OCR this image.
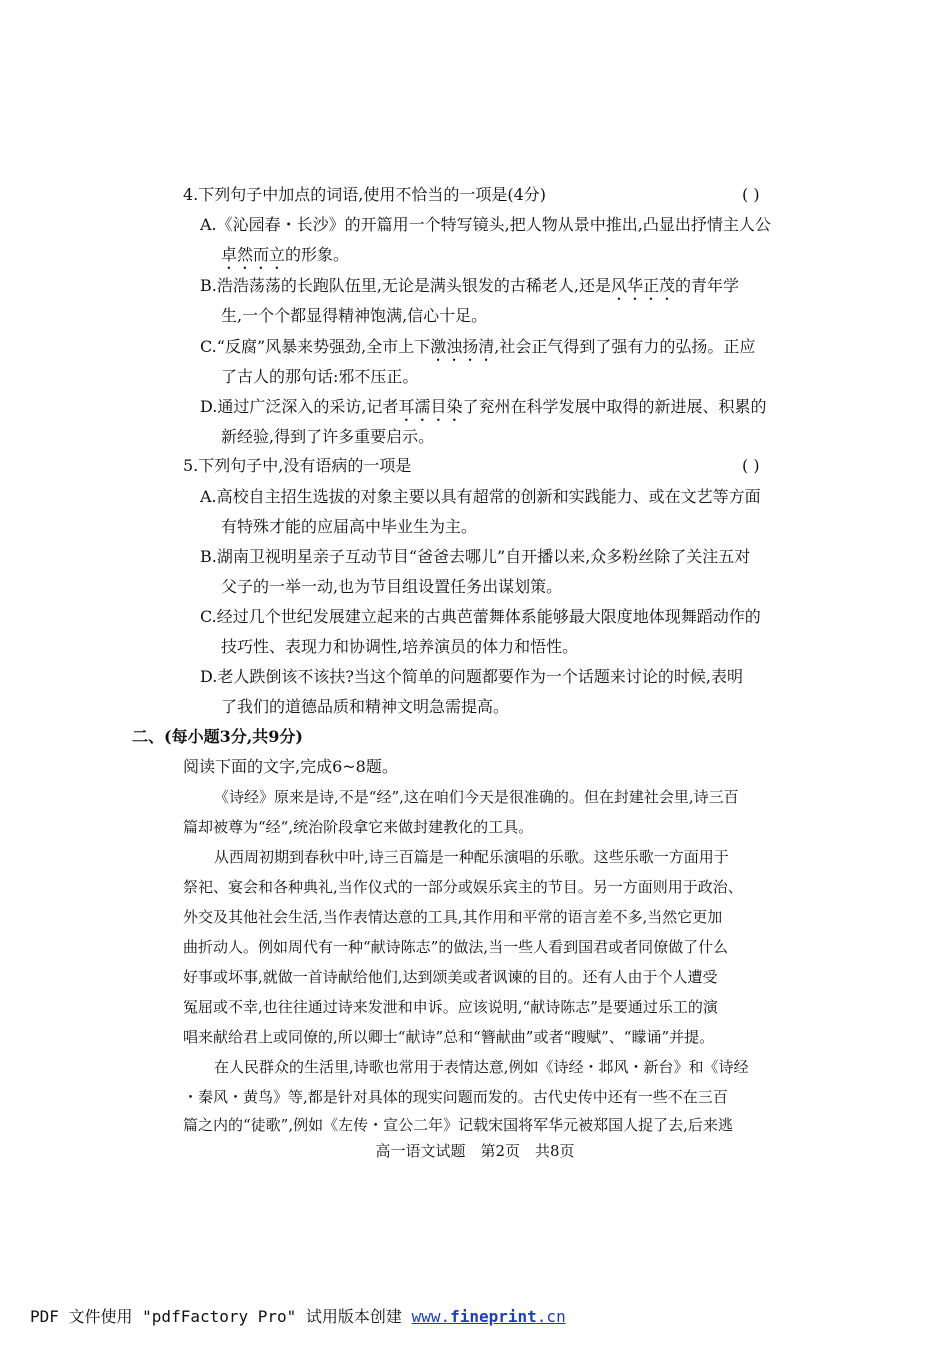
4.下列句子中加点的词语,使用不恰当的一项是(4分)	( )
A.《沁园春・长沙》的开篇用一个特写镜头,把人物从景中推出,凸显出抒情主人公
卓然而立的形象。
B.浩浩荡荡的长跑队伍里,无论是满头银发的古稀老人,还是风华正茂的青年学
生,一个个都显得精神饱满,信心十足。
C.“反腐”风暴来势强劲,全市上下激浊扬清,社会正气得到了强有力的弘扬。正应
了古人的那句话:邪不压正。
D.通过广泛深入的采访,记者耳濡目染了兖州在科学发展中取得的新进展、积累的
新经验,得到了许多重要启示。
5.下列句子中,没有语病的一项是	( )
A.高校自主招生选拔的对象主要以具有超常的创新和实践能力、或在文艺等方面
有特殊才能的应届高中毕业生为主。
B.湖南卫视明星亲子互动节目“爸爸去哪儿”自开播以来,众多粉丝除了关注五对
父子的一举一动,也为节目组设置任务出谋划策。
C.经过几个世纪发展建立起来的古典芭蕾舞体系能够最大限度地体现舞蹈动作的
技巧性、表现力和协调性,培养演员的体力和悟性。
D.老人跌倒该不该扶?当这个简单的问题都要作为一个话题来讨论的时候,表明
了我们的道德品质和精神文明急需提高。
二、(每小题3分,共9分)
阅读下面的文字,完成6~8题。
《诗经》原来是诗,不是“经”,这在咱们今天是很准确的。但在封建社会里,诗三百
篇却被尊为“经“,统治阶段拿它来做封建教化的工具。
从西周初期到春秋中叶,诗三百篇是一种配乐演唱的乐歌。这些乐歌一方面用于
祭祀、宴会和各种典礼,当作仪式的一部分或娱乐宾主的节目。另一方面则用于政治、
外交及其他社会生活,当作表情达意的工具,其作用和平常的语言差不多,当然它更加
曲折动人。例如周代有一种“献诗陈志”的做法,当一些人看到国君或者同僚做了什么
好事或坏事,就做一首诗献给他们,达到颂美或者讽谏的目的。还有人由于个人遭受
冤屈或不幸,也往往通过诗来发泄和申诉。应该说明,“献诗陈志”是要通过乐工的演
唱来献给君上或同僚的,所以卿士“献诗”总和“簪献曲”或者“瞍赋”、“矇诵”并提。
在人民群众的生活里,诗歌也常用于表情达意,例如《诗经・邶风・新台》和《诗经
・秦风・黄鸟》等,都是针对具体的现实问题而发的。古代史传中还有一些不在三百
篇之内的“徒歌”,例如《左传・宣公二年》记载宋国将军华元被郑国人捉了去,后来逃
高一语文试题　第2页　共8页
PDF 文件使用 "pdfFactory Pro" 试用版本创建 www.fineprint.cn
